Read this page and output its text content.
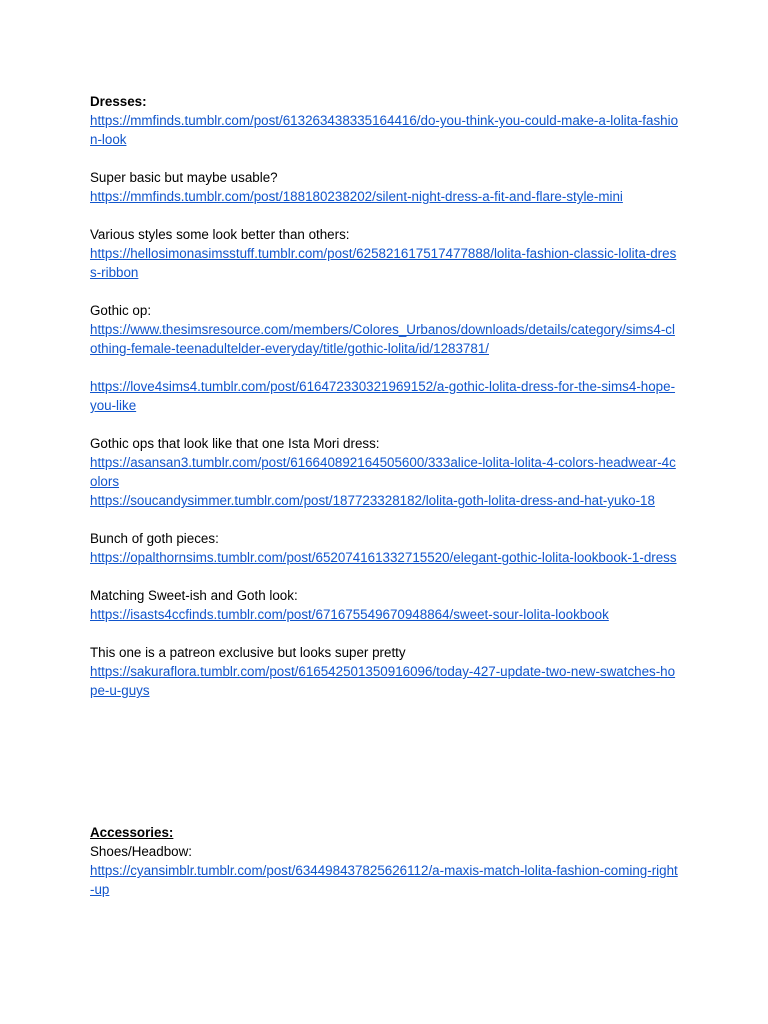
Dresses:
https://mmfinds.tumblr.com/post/613263438335164416/do-you-think-you-could-make-a-lolita-fashion-look
Super basic but maybe usable?
https://mmfinds.tumblr.com/post/188180238202/silent-night-dress-a-fit-and-flare-style-mini
Various styles some look better than others:
https://hellosimonasimsstuff.tumblr.com/post/625821617517477888/lolita-fashion-classic-lolita-dress-ribbon
Gothic op:
https://www.thesimsresource.com/members/Colores_Urbanos/downloads/details/category/sims4-clothing-female-teenadultelder-everyday/title/gothic-lolita/id/1283781/
https://love4sims4.tumblr.com/post/616472330321969152/a-gothic-lolita-dress-for-the-sims4-hope-you-like
Gothic ops that look like that one Ista Mori dress:
https://asansan3.tumblr.com/post/616640892164505600/333alice-lolita-lolita-4-colors-headwear-4colors
https://soucandysimmer.tumblr.com/post/187723328182/lolita-goth-lolita-dress-and-hat-yuko-18
Bunch of goth pieces:
https://opalthornsims.tumblr.com/post/652074161332715520/elegant-gothic-lolita-lookbook-1-dress
Matching Sweet-ish and Goth look:
https://isasts4ccfinds.tumblr.com/post/671675549670948864/sweet-sour-lolita-lookbook
This one is a patreon exclusive but looks super pretty
https://sakuraflora.tumblr.com/post/616542501350916096/today-427-update-two-new-swatches-hope-u-guys
Accessories:
Shoes/Headbow:
https://cyansimblr.tumblr.com/post/634498437825626112/a-maxis-match-lolita-fashion-coming-right-up
